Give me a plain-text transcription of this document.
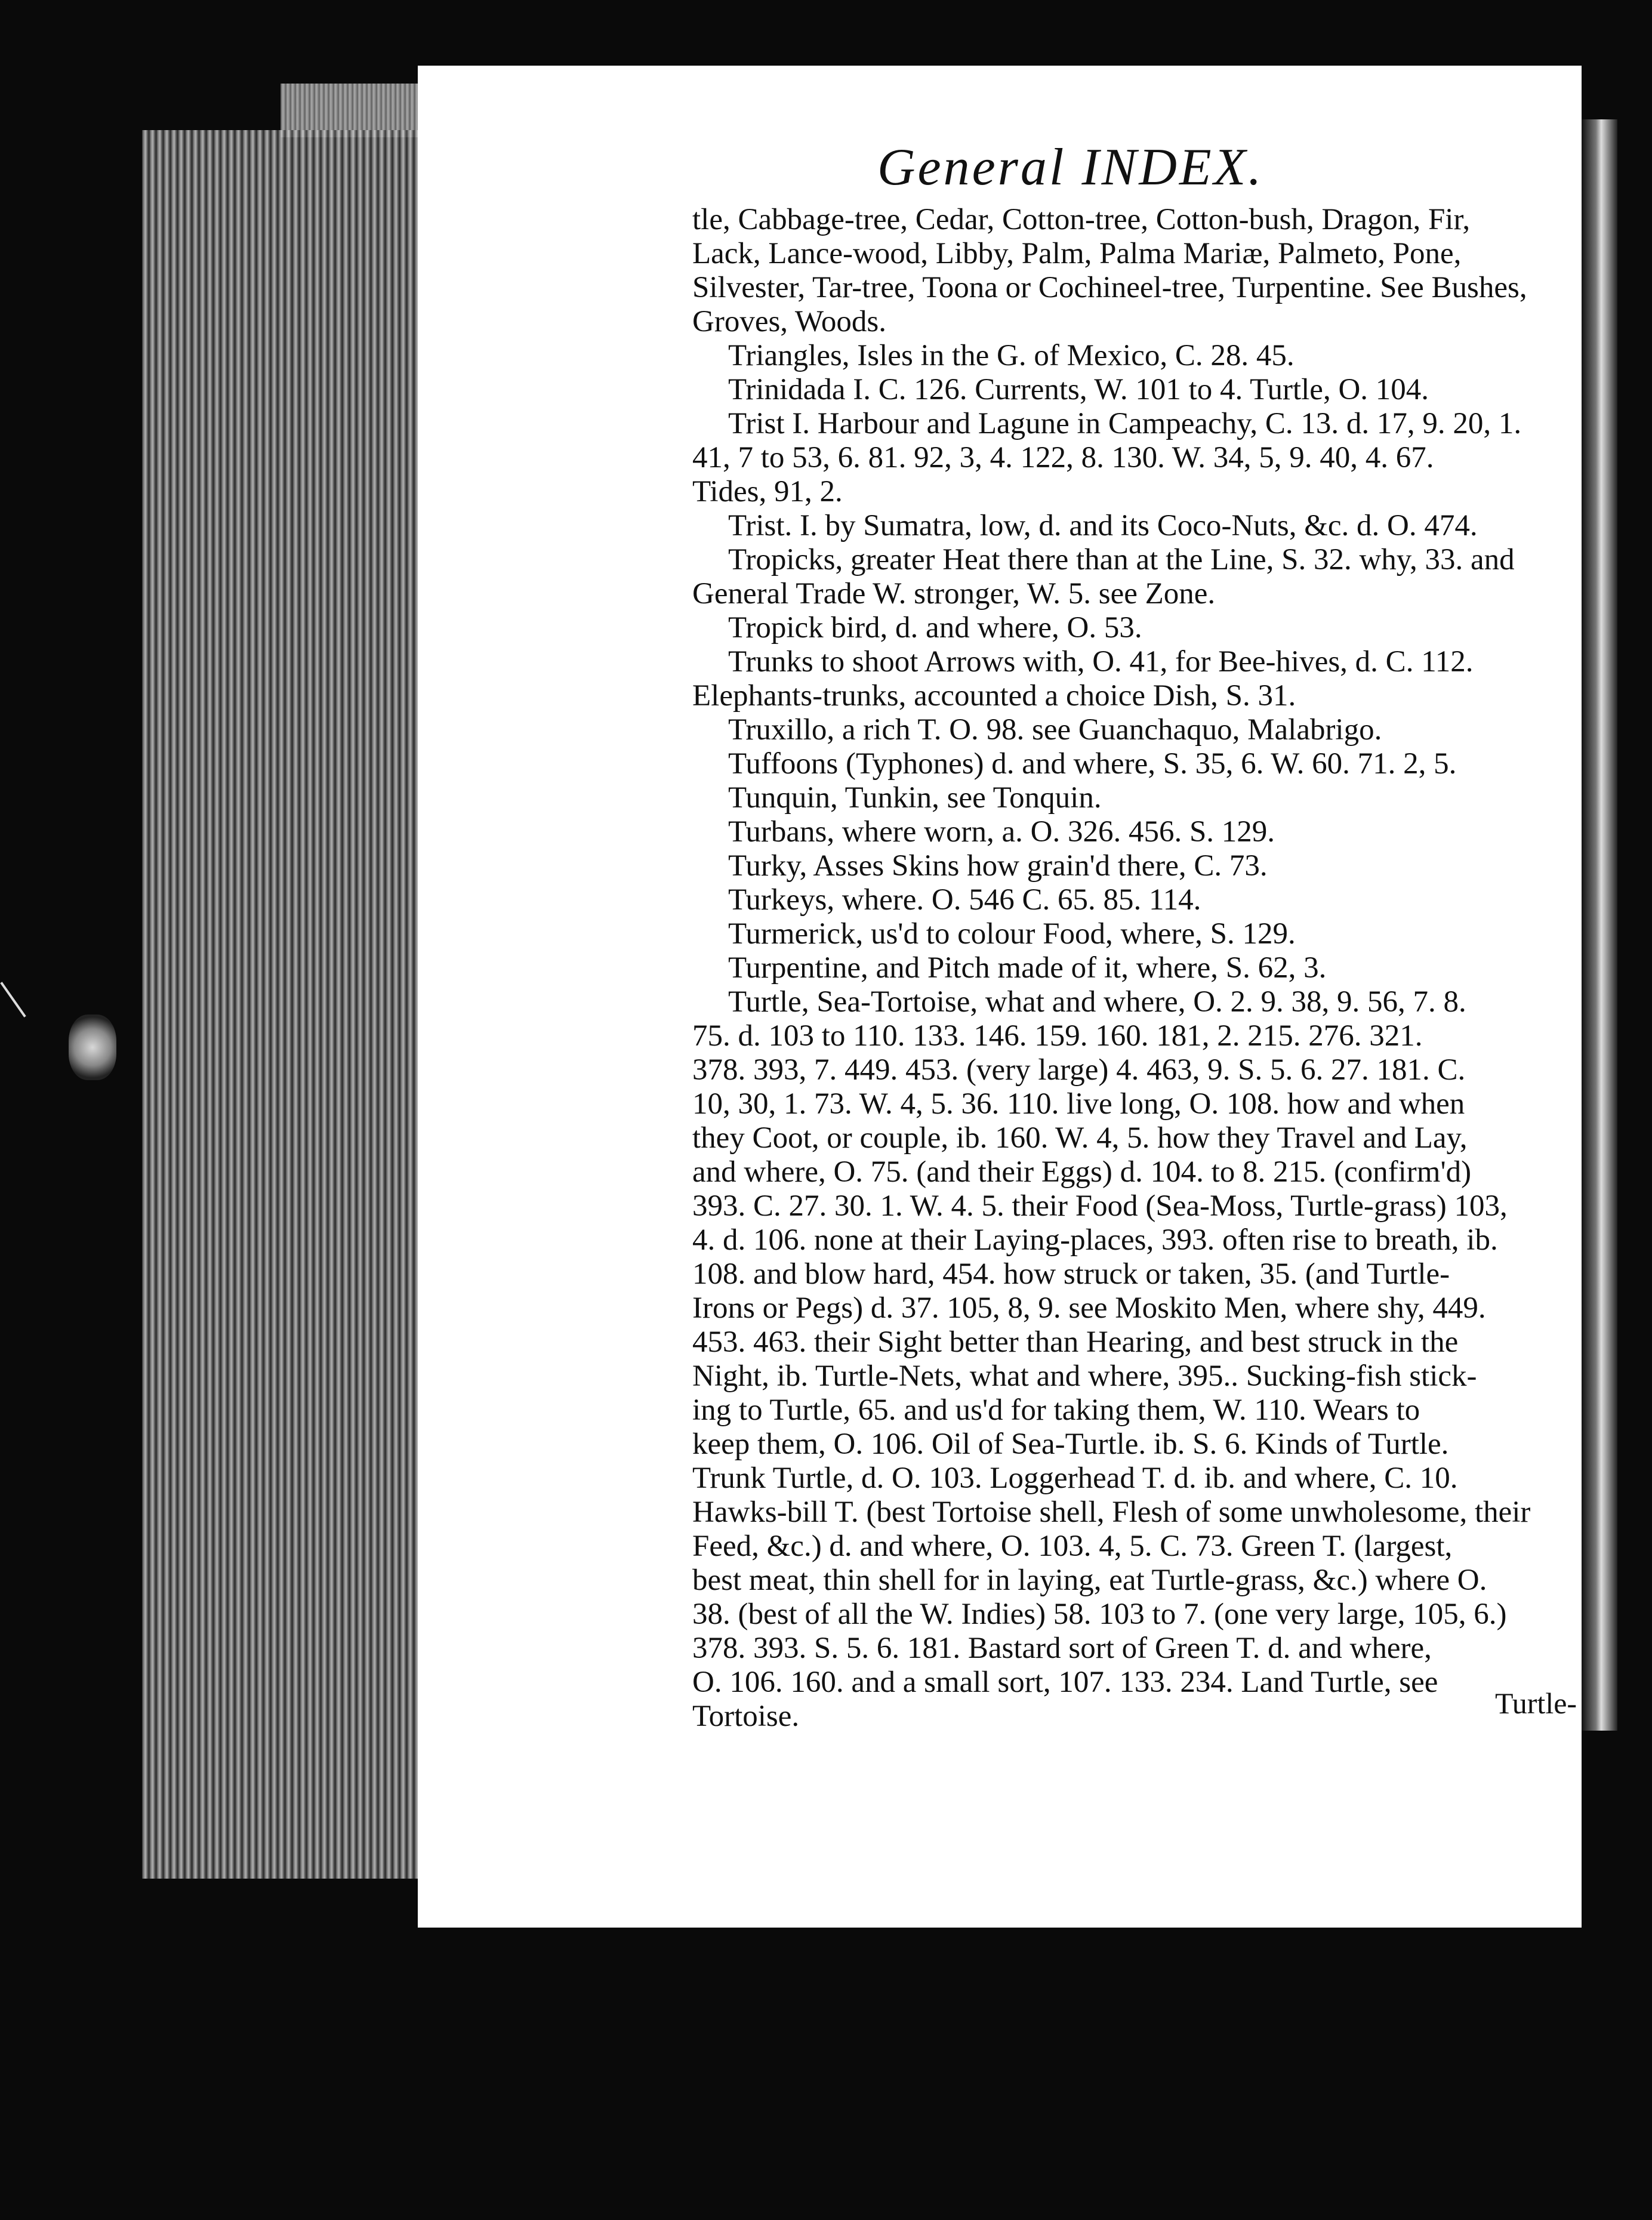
General INDEX.
tle, Cabbage-tree, Cedar, Cotton-tree, Cotton-bush, Dragon, Fir,
Lack, Lance-wood, Libby, Palm, Palma Mariæ, Palmeto, Pone,
Silvester, Tar-tree, Toona or Cochineel-tree, Turpentine. See Bushes,
Groves, Woods.
Triangles, Isles in the G. of Mexico, C. 28. 45.
Trinidada I. C. 126. Currents, W. 101 to 4. Turtle, O. 104.
Trist I. Harbour and Lagune in Campeachy, C. 13. d. 17, 9. 20, 1.
41, 7 to 53, 6. 81. 92, 3, 4. 122, 8. 130. W. 34, 5, 9. 40, 4. 67.
Tides, 91, 2.
Trist. I. by Sumatra, low, d. and its Coco-Nuts, &c. d. O. 474.
Tropicks, greater Heat there than at the Line, S. 32. why, 33. and
General Trade W. stronger, W. 5. see Zone.
Tropick bird, d. and where, O. 53.
Trunks to shoot Arrows with, O. 41, for Bee-hives, d. C. 112.
Elephants-trunks, accounted a choice Dish, S. 31.
Truxillo, a rich T. O. 98. see Guanchaquo, Malabrigo.
Tuffoons (Typhones) d. and where, S. 35, 6. W. 60. 71. 2, 5.
Tunquin, Tunkin, see Tonquin.
Turbans, where worn, a. O. 326. 456. S. 129.
Turky, Asses Skins how grain'd there, C. 73.
Turkeys, where. O. 546 C. 65. 85. 114.
Turmerick, us'd to colour Food, where, S. 129.
Turpentine, and Pitch made of it, where, S. 62, 3.
Turtle, Sea-Tortoise, what and where, O. 2. 9. 38, 9. 56, 7. 8.
75. d. 103 to 110. 133. 146. 159. 160. 181, 2. 215. 276. 321.
378. 393, 7. 449. 453. (very large) 4. 463, 9. S. 5. 6. 27. 181. C.
10, 30, 1. 73. W. 4, 5. 36. 110. live long, O. 108. how and when
they Coot, or couple, ib. 160. W. 4, 5. how they Travel and Lay,
and where, O. 75. (and their Eggs) d. 104. to 8. 215. (confirm'd)
393. C. 27. 30. 1. W. 4. 5. their Food (Sea-Moss, Turtle-grass) 103,
4. d. 106. none at their Laying-places, 393. often rise to breath, ib.
108. and blow hard, 454. how struck or taken, 35. (and Turtle-
Irons or Pegs) d. 37. 105, 8, 9. see Moskito Men, where shy, 449.
453. 463. their Sight better than Hearing, and best struck in the
Night, ib. Turtle-Nets, what and where, 395.. Sucking-fish stick-
ing to Turtle, 65. and us'd for taking them, W. 110. Wears to
keep them, O. 106. Oil of Sea-Turtle. ib. S. 6. Kinds of Turtle.
Trunk Turtle, d. O. 103. Loggerhead T. d. ib. and where, C. 10.
Hawks-bill T. (best Tortoise shell, Flesh of some unwholesome, their
Feed, &c.) d. and where, O. 103. 4, 5. C. 73. Green T. (largest,
best meat, thin shell for in laying, eat Turtle-grass, &c.) where O.
38. (best of all the W. Indies) 58. 103 to 7. (one very large, 105, 6.)
378. 393. S. 5. 6. 181. Bastard sort of Green T. d. and where,
O. 106. 160. and a small sort, 107. 133. 234. Land Turtle, see
Tortoise.	Turtle-
